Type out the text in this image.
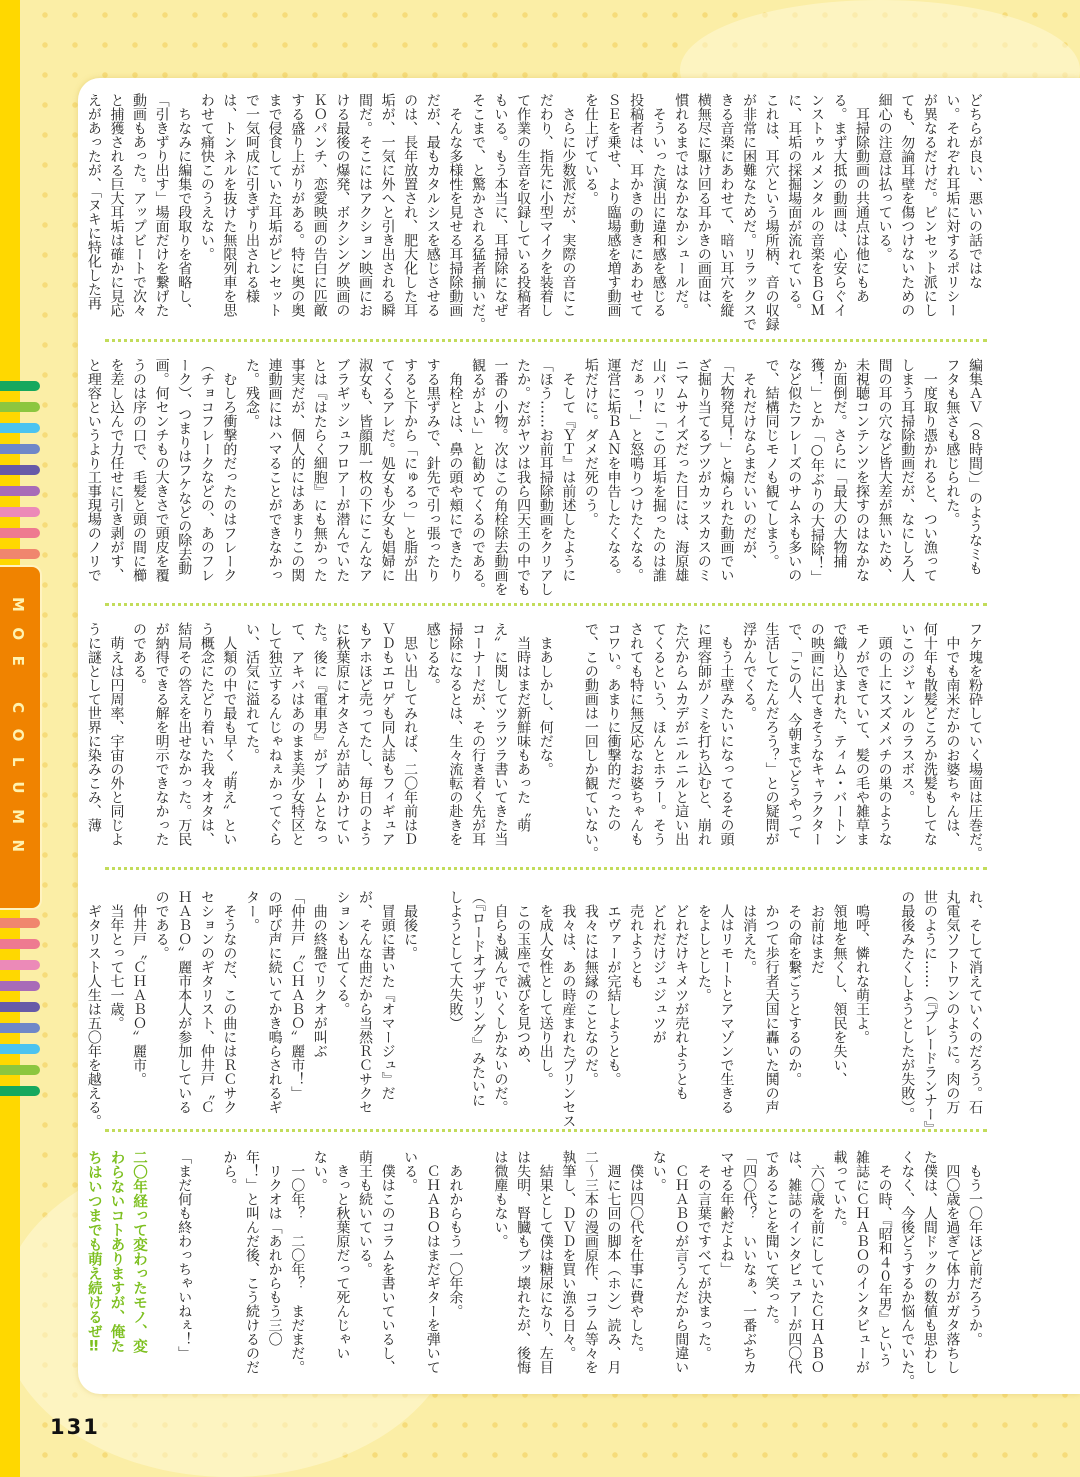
MOE COLUMN
どちらが良い、悪いの話ではな
い。それぞれ耳垢に対するポリシー
が異なるだけだ。ピンセット派にし
ても、勿論耳壁を傷つけないための
細心の注意は払っている。
　耳掃除動画の共通点は他にもあ
る。まず大抵の動画は、心安らぐイ
ンストゥルメンタルの音楽をＢＧＭ
に、耳垢の採掘場面が流れている。
これは、耳穴という場所柄、音の収録
が非常に困難なためだ。リラックスで
きる音楽にあわせて、暗い耳穴を縦
横無尽に駆け回る耳かきの画面は、
慣れるまではなかなかシュールだ。
　そういった演出に違和感を感じる
投稿者は、耳かきの動きにあわせて
ＳＥを乗せ、より臨場感を増す動画
を仕上げている。
　さらに少数派だが、実際の音にこ
だわり、指先に小型マイクを装着し
て作業の生音を収録している投稿者
もいる。もう本当に、耳掃除になぜ
そこまで、と驚かされる猛者揃いだ。
　そんな多様性を見せる耳掃除動画
だが、最もカタルシスを感じさせる
のは、長年放置され、肥大化した耳
垢が、一気に外へと引き出される瞬
間だ。そこにはアクション映画にお
ける最後の爆発、ボクシング映画の
ＫＯパンチ、恋愛映画の告白に匹敵
する盛り上がりがある。特に奥の奥
まで侵食していた耳垢がピンセット
で一気呵成に引きずり出される様
は、トンネルを抜けた無限列車を思
わせて痛快このうえない。
　ちなみに編集で段取りを省略し、
「引きずり出す」場面だけを繋げた
動画もあった。アップビートで次々
と捕獲される巨大耳垢は確かに見応
えがあったが、「ヌキに特化した再
編集ＡＶ（８時間）」のようなミも
フタも無さも感じられた。
　一度取り憑かれると、つい漁って
しまう耳掃除動画だが、なにしろ人
間の耳の穴など皆大差が無いため、
未視聴コンテンツを探すのはなかな
か面倒だ。さらに「最大の大物捕
獲！」とか「○年ぶりの大掃除！」
など似たフレーズのサムネも多いの
で、結構同じモノも観てしまう。
　それだけならまだいいのだが、
「大物発見！」と煽られた動画でい
ざ掘り当てるブツがカッスカスのミ
ニマムサイズだった日には、海原雄
山バリに「この耳垢を掘ったのは誰
だぁっ！」と怒鳴りつけたくなる。
運営に垢ＢＡＮを申告したくなる。
垢だけに。ダメだ死のう。
　そして『ＹＴ』は前述したように
「ほう……お前耳掃除動画をクリアし
たか。だがヤツは我ら四天王の中でも
一番の小物。次はこの角栓除去動画を
観るがよい」と勧めてくるのである。
　角栓とは、鼻の頭や頬にできたり
する黒ずみで、針先で引っ張ったり
すると下から「にゅるっ」と脂が出
てくるアレだ。処女も少女も娼婦に
淑女も、皆顔肌一枚の下にこんなア
ブラギッシュフロアーが潜んでいた
とは『はたらく細胞』にも無かった
事実だが、個人的にはあまりこの関
連動画にはハマることができなかっ
た。残念。
　むしろ衝撃的だったのはフレーク
（チョコフレークなどの、あのフレ
ーク）、つまりはフケなどの除去動
画。何センチもの大きさで頭皮を覆
うのは序の口で、毛髪と頭の間に櫛
を差し込んで力任せに引き剥がす、
と理容というより工事現場のノリで
フケ塊を粉砕していく場面は圧巻だ。
　中でも南米だかのお婆ちゃんは、
何十年も散髪どころか洗髪もしてな
いこのジャンルのラスボス。
　頭の上にスズメバチの巣のような
モノができていて、髪の毛や雑草ま
で織り込まれた、ティム・バートン
の映画に出てきそうなキャラクター
で、「この人、今朝までどうやって
生活してたんだろう？」との疑問が
浮かんでくる。
　もう土壁みたいになってるその頭
に理容師がノミを打ち込むと、崩れ
た穴からムカデがニルニルと這い出
てくるという、ほんとホラー。そう
されても特に無反応なお婆ちゃんも
コワい。あまりに衝撃的だったの
で、この動画は一回しか観ていない。

　まあしかし、何だな。
　当時はまだ新鮮味もあった〝萌
え〟に関してツラツラ書いてきた当
コーナーだが、その行き着く先が耳
掃除になるとは、生々流転の赴きを
感じるな。
　思い出してみれば、二〇年前はＤ
ＶＤもエロゲも同人誌もフィギュア
もアホほど売ってたし、毎日のよう
に秋葉原にオタさんが詰めかけてい
た。後に『電車男』がブームとなっ
て、アキバはあのまま美少女特区と
して独立するんじゃねぇかってぐら
い、活気に溢れてた。
　人類の中で最も早く〝萌え〟とい
う概念にたどり着いた我々オタは、
結局その答えを出せなかった。万民
が納得できる解を明示できなかった
のである。
　萌えは円周率、宇宙の外と同じよ
うに謎として世界に染みこみ、薄
れ、そして消えていくのだろう。石
丸電気ソフトワンのように。肉の万
世のように……（『ブレードランナー』
の最後みたくしようとしたが失敗）。

　鳴呼、憐れな萌王よ。
　領地を無くし、領民を失い、
　お前はまだ
　その命を繋ごうとするのか。
　かつて歩行者天国に轟いた鬨の声
　は消えた。
　人はリモートとアマゾンで生きる
　をよしとした。
　どれだけキメツが売れようとも
　どれだけジュジュツが
　売れようとも
　エヴァーが完結しようとも。
　我々には無縁のことなのだ。
　我々は、あの時産まれたプリンセス
　を成人女性として送り出し。
　この玉座で滅びを見つめ、
　自らも滅んでいくしかないのだ。
（『ロードオブザリング』みたいに
しようとして大失敗）

　最後に。
　冒頭に書いた『オマージュ』だ
が、そんな曲だから当然ＲＣサクセ
ションも出てくる。
　曲の終盤でリクオが叫ぶ
「仲井戸〝ＣＨＡＢＯ〟麗市！」
の呼び声に続いてかき鳴らされるギ
ター。
　そうなのだ、この曲にはＲＣサク
セションのギタリスト、仲井戸〝Ｃ
ＨＡＢＯ〟麗市本人が参加している
のである。
　仲井戸〝ＣＨＡＢＯ〟麗市。
　当年とって七一歳。
　ギタリスト人生は五〇年を越える。
　もう一〇年ほど前だろうか。
　四〇歳を過ぎて体力がガタ落ちし
た僕は、人間ドックの数値も思わし
くなく、今後どうするか悩んでいた。
　その時、『昭和４０年男』という
雑誌にＣＨＡＢＯのインタビューが
載っていた。
　六〇歳を前にしていたＣＨＡＢＯ
は、雑誌のインタビュアーが四〇代
であることを聞いて笑った。
「四〇代？　いいなぁ、一番ぶちカ
マせる年齢だよね」
　その言葉ですべてが決まった。
　ＣＨＡＢＯが言うんだから間違い
ない。
　僕は四〇代を仕事に費やした。
　週に七回の脚本（ホン）読み、月
二～三本の漫画原作、コラム等々を
執筆し、ＤＶＤを買い漁る日々。
　結果として僕は糖尿になり、左目
は失明、腎臓もブッ壊れたが、後悔
は微塵もない。

　あれからもう一〇年余。
　ＣＨＡＢＯはまだギターを弾いて
いる。
　僕はこのコラムを書いているし、
萌王も続いている。
　きっと秋葉原だって死んじゃい
ない。
　一〇年？　二〇年？　まだまだ。
　リクオは「あれからもう三〇
年！」と叫んだ後、こう続けるのだ
から。

「まだ何も終わっちゃいねぇ！」

二〇年経って変わったモノ、変
わらないコトありますが、俺た
ちはいつまでも萌え続けるぜ‼
131
